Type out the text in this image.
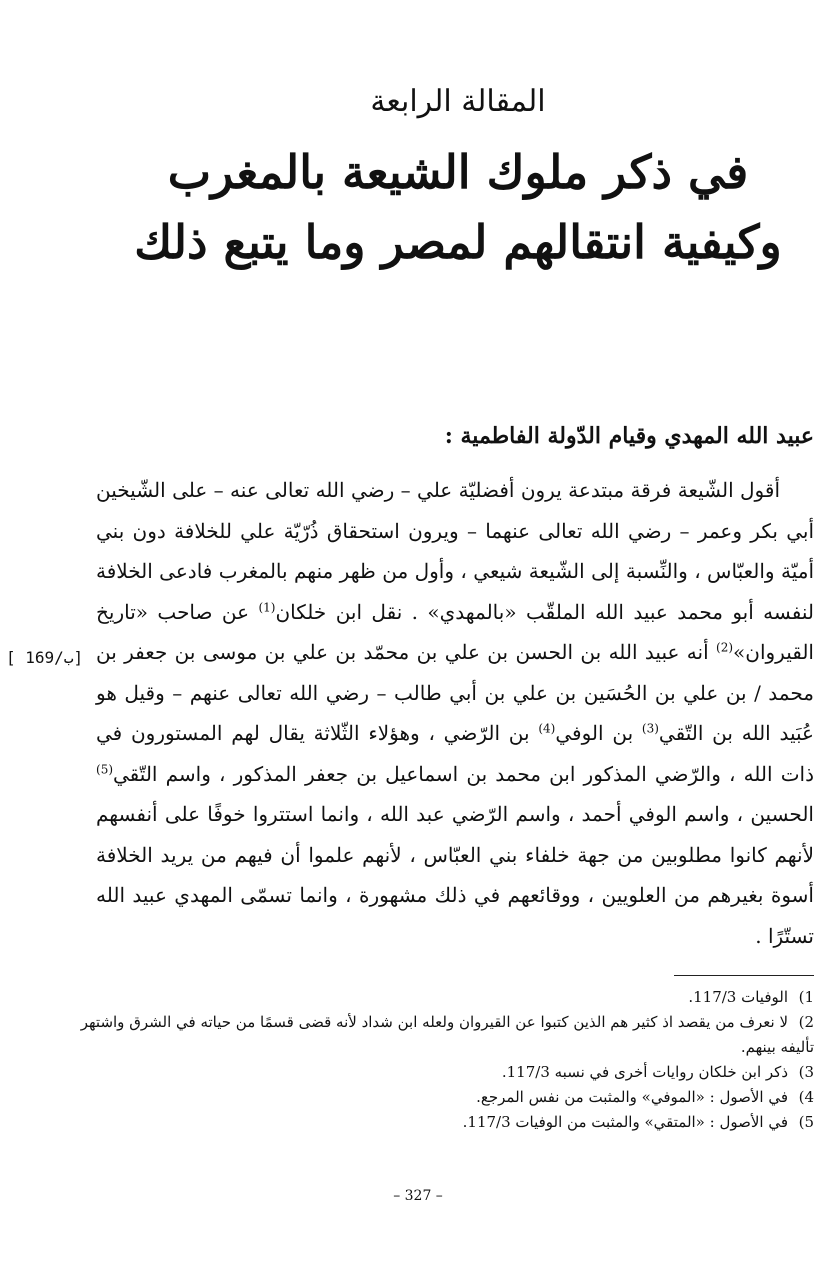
المقالة الرابعة
في ذكر ملوك الشيعة بالمغرب
وكيفية انتقالهم لمصر وما يتبع ذلك
عبيد الله المهدي وقيام الدّولة الفاطمية :
[ 169/ب]

أقول الشّيعة فرقة مبتدعة يرون أفضليّة علي – رضي الله تعالى عنه – على الشّيخين أبي بكر وعمر – رضي الله تعالى عنهما – ويرون استحقاق ذُرّيّة علي للخلافة دون بني أميّة والعبّاس ، والنِّسبة إلى الشّيعة شيعي ، وأول من ظهر منهم بالمغرب فادعى الخلافة لنفسه أبو محمد عبيد الله الملقّب «بالمهدي» . نقل ابن خلكان$^{(1)}$ عن صاحب «تاريخ القيروان»$^{(2)}$ أنه عبيد الله بن الحسن بن علي بن محمّد بن علي بن موسى بن جعفر بن محمد / بن علي بن الحُسَين بن علي بن أبي طالب – رضي الله تعالى عنهم – وقيل هو عُبَيد الله بن التّقي$^{(3)}$ بن الوفي$^{(4)}$ بن الرّضي ، وهؤلاء الثّلاثة يقال لهم المستورون في ذات الله ، والرّضي المذكور ابن محمد بن اسماعيل بن جعفر المذكور ، واسم التّقي$^{(5)}$ الحسين ، واسم الوفي أحمد ، واسم الرّضي عبد الله ، وانما استتروا خوفًا على أنفسهم لأنهم كانوا مطلوبين من جهة خلفاء بني العبّاس ، لأنهم علموا أن فيهم من يريد الخلافة أسوة بغيرهم من العلويين ، ووقائعهم في ذلك مشهورة ، وانما تسمّى المهدي عبيد الله تستّرًا .

1)الوفيات 117/3.
2)لا نعرف من يقصد اذ كثير هم الذين كتبوا عن القيروان ولعله ابن شداد لأنه قضى قسمًا من حياته في الشرق واشتهر تأليفه بينهم.
3)ذكر ابن خلكان روايات أخرى في نسبه 117/3.
4)في الأصول : «الموفي» والمثبت من نفس المرجع.
5)في الأصول : «المتقي» والمثبت من الوفيات 117/3.
– 327 –
